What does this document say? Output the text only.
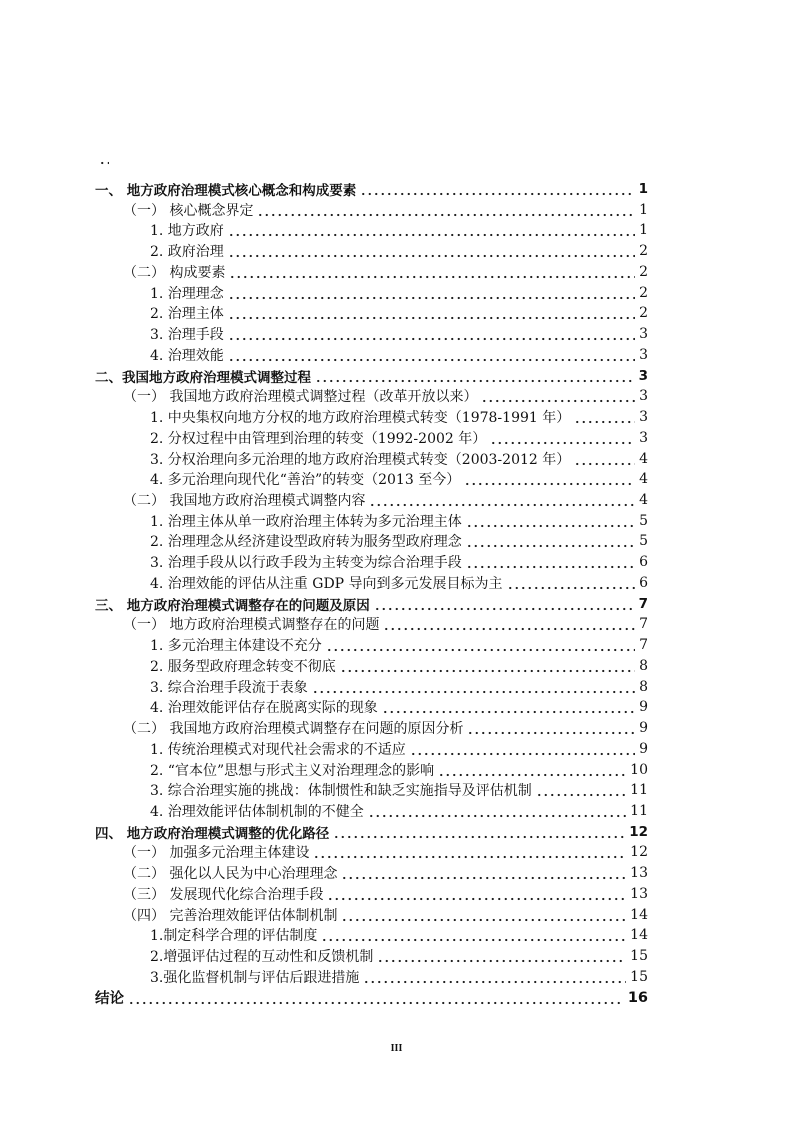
一、 地方政府治理模式核心概念和构成要素	1
（一） 核心概念界定	1
1. 地方政府	1
2. 政府治理	2
（二） 构成要素	2
1. 治理理念	2
2. 治理主体	2
3. 治理手段	3
4. 治理效能	3
二、我国地方政府治理模式调整过程	3
（一） 我国地方政府治理模式调整过程（改革开放以来）	3
1. 中央集权向地方分权的地方政府治理模式转变（1978-1991 年）	3
2. 分权过程中由管理到治理的转变（1992-2002 年）	3
3. 分权治理向多元治理的地方政府治理模式转变（2003-2012 年）	4
4. 多元治理向现代化“善治”的转变（2013 至今）	4
（二） 我国地方政府治理模式调整内容	4
1. 治理主体从单一政府治理主体转为多元治理主体	5
2. 治理理念从经济建设型政府转为服务型政府理念	5
3. 治理手段从以行政手段为主转变为综合治理手段	6
4. 治理效能的评估从注重 GDP 导向到多元发展目标为主	6
三、 地方政府治理模式调整存在的问题及原因	7
（一） 地方政府治理模式调整存在的问题	7
1. 多元治理主体建设不充分	7
2. 服务型政府理念转变不彻底	8
3. 综合治理手段流于表象	8
4. 治理效能评估存在脱离实际的现象	9
（二） 我国地方政府治理模式调整存在问题的原因分析	9
1. 传统治理模式对现代社会需求的不适应	9
2. “官本位”思想与形式主义对治理理念的影响	10
3. 综合治理实施的挑战：体制惯性和缺乏实施指导及评估机制	11
4. 治理效能评估体制机制的不健全	11
四、 地方政府治理模式调整的优化路径	12
（一） 加强多元治理主体建设	12
（二） 强化以人民为中心治理理念	13
（三） 发展现代化综合治理手段	13
（四） 完善治理效能评估体制机制	14
1.制定科学合理的评估制度	14
2.增强评估过程的互动性和反馈机制	15
3.强化监督机制与评估后跟进措施	15
结论	16
III
